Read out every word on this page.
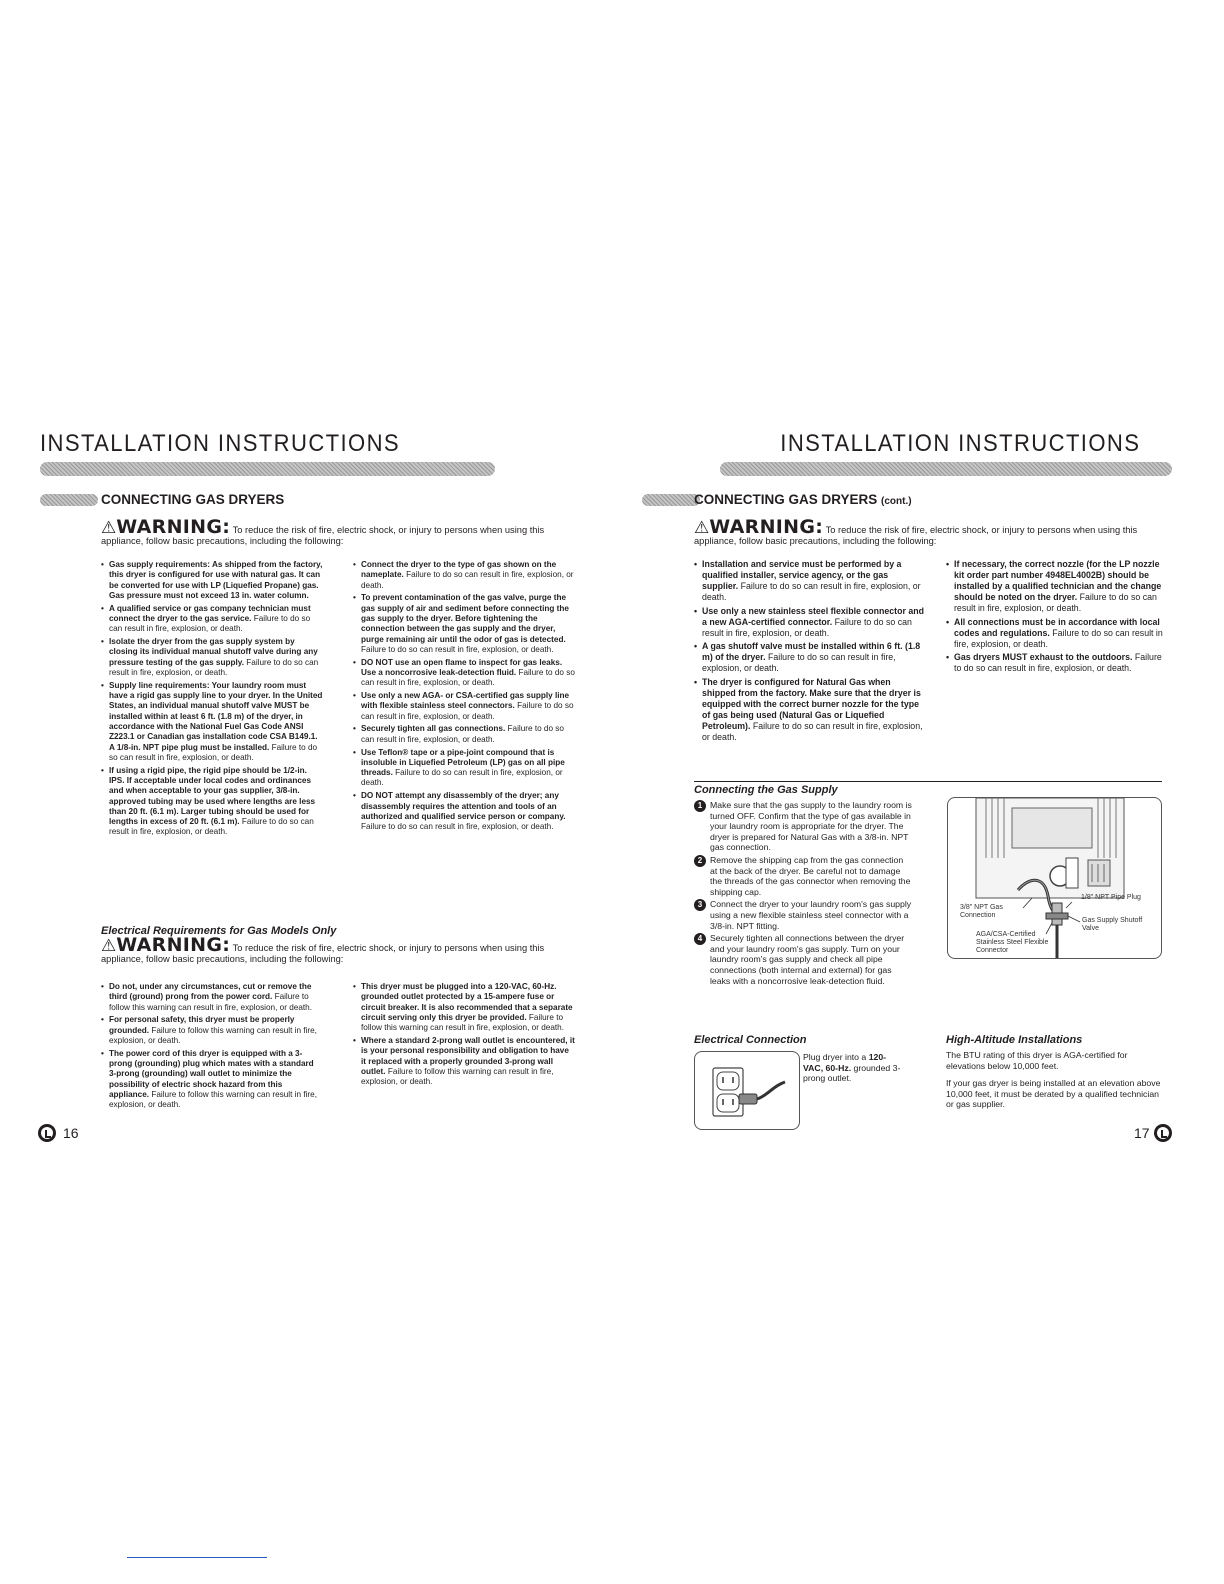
INSTALLATION INSTRUCTIONS
CONNECTING GAS DRYERS
⚠WARNING: To reduce the risk of fire, electric shock, or injury to persons when using this appliance, follow basic precautions, including the following:
• Gas supply requirements: As shipped from the factory, this dryer is configured for use with natural gas. It can be converted for use with LP (Liquefied Propane) gas. Gas pressure must not exceed 13 in. water column.
• A qualified service or gas company technician must connect the dryer to the gas service. Failure to do so can result in fire, explosion, or death.
• Isolate the dryer from the gas supply system by closing its individual manual shutoff valve during any pressure testing of the gas supply. Failure to do so can result in fire, explosion, or death.
• Supply line requirements: Your laundry room must have a rigid gas supply line to your dryer. In the United States, an individual manual shutoff valve MUST be installed within at least 6 ft. (1.8 m) of the dryer, in accordance with the National Fuel Gas Code ANSI Z223.1 or Canadian gas installation code CSA B149.1. A 1/8-in. NPT pipe plug must be installed. Failure to do so can result in fire, explosion, or death.
• If using a rigid pipe, the rigid pipe should be 1/2-in. IPS. If acceptable under local codes and ordinances and when acceptable to your gas supplier, 3/8-in. approved tubing may be used where lengths are less than 20 ft. (6.1 m). Larger tubing should be used for lengths in excess of 20 ft. (6.1 m). Failure to do so can result in fire, explosion, or death.
• Connect the dryer to the type of gas shown on the nameplate. Failure to do so can result in fire, explosion, or death.
• To prevent contamination of the gas valve, purge the gas supply of air and sediment before connecting the gas supply to the dryer. Before tightening the connection between the gas supply and the dryer, purge remaining air until the odor of gas is detected. Failure to do so can result in fire, explosion, or death.
• DO NOT use an open flame to inspect for gas leaks. Use a noncorrosive leak-detection fluid. Failure to do so can result in fire, explosion, or death.
• Use only a new AGA- or CSA-certified gas supply line with flexible stainless steel connectors. Failure to do so can result in fire, explosion, or death.
• Securely tighten all gas connections. Failure to do so can result in fire, explosion, or death.
• Use Teflon® tape or a pipe-joint compound that is insoluble in Liquefied Petroleum (LP) gas on all pipe threads. Failure to do so can result in fire, explosion, or death.
• DO NOT attempt any disassembly of the dryer; any disassembly requires the attention and tools of an authorized and qualified service person or company. Failure to do so can result in fire, explosion, or death.
Electrical Requirements for Gas Models Only
⚠WARNING: To reduce the risk of fire, electric shock, or injury to persons when using this appliance, follow basic precautions, including the following:
• Do not, under any circumstances, cut or remove the third (ground) prong from the power cord. Failure to follow this warning can result in fire, explosion, or death.
• For personal safety, this dryer must be properly grounded. Failure to follow this warning can result in fire, explosion, or death.
• The power cord of this dryer is equipped with a 3-prong (grounding) plug which mates with a standard 3-prong (grounding) wall outlet to minimize the possibility of electric shock hazard from this appliance. Failure to follow this warning can result in fire, explosion, or death.
• This dryer must be plugged into a 120-VAC, 60-Hz. grounded outlet protected by a 15-ampere fuse or circuit breaker. It is also recommended that a separate circuit serving only this dryer be provided. Failure to follow this warning can result in fire, explosion, or death.
• Where a standard 2-prong wall outlet is encountered, it is your personal responsibility and obligation to have it replaced with a properly grounded 3-prong wall outlet. Failure to follow this warning can result in fire, explosion, or death.
16
INSTALLATION INSTRUCTIONS
CONNECTING GAS DRYERS (cont.)
⚠WARNING: To reduce the risk of fire, electric shock, or injury to persons when using this appliance, follow basic precautions, including the following:
• Installation and service must be performed by a qualified installer, service agency, or the gas supplier. Failure to do so can result in fire, explosion, or death.
• Use only a new stainless steel flexible connector and a new AGA-certified connector. Failure to do so can result in fire, explosion, or death.
• A gas shutoff valve must be installed within 6 ft. (1.8 m) of the dryer. Failure to do so can result in fire, explosion, or death.
• The dryer is configured for Natural Gas when shipped from the factory. Make sure that the dryer is equipped with the correct burner nozzle for the type of gas being used (Natural Gas or Liquefied Petroleum). Failure to do so can result in fire, explosion, or death.
• If necessary, the correct nozzle (for the LP nozzle kit order part number 4948EL4002B) should be installed by a qualified technician and the change should be noted on the dryer. Failure to do so can result in fire, explosion, or death.
• All connections must be in accordance with local codes and regulations. Failure to do so can result in fire, explosion, or death.
• Gas dryers MUST exhaust to the outdoors. Failure to do so can result in fire, explosion, or death.
Connecting the Gas Supply
1 Make sure that the gas supply to the laundry room is turned OFF. Confirm that the type of gas available in your laundry room is appropriate for the dryer. The dryer is prepared for Natural Gas with a 3/8-in. NPT gas connection.
2 Remove the shipping cap from the gas connection at the back of the dryer. Be careful not to damage the threads of the gas connector when removing the shipping cap.
3 Connect the dryer to your laundry room's gas supply using a new flexible stainless steel connector with a 3/8-in. NPT fitting.
4 Securely tighten all connections between the dryer and your laundry room's gas supply. Turn on your laundry room's gas supply and check all pipe connections (both internal and external) for gas leaks with a noncorrosive leak-detection fluid.
1/8" NPT Pipe Plug
3/8" NPT Gas Connection
Gas Supply Shutoff Valve
AGA/CSA-Certified Stainless Steel Flexible Connector
Electrical Connection
Plug dryer into a 120-VAC, 60-Hz. grounded 3-prong outlet.
High-Altitude Installations
The BTU rating of this dryer is AGA-certified for elevations below 10,000 feet.
If your gas dryer is being installed at an elevation above 10,000 feet, it must be derated by a qualified technician or gas supplier.
17
